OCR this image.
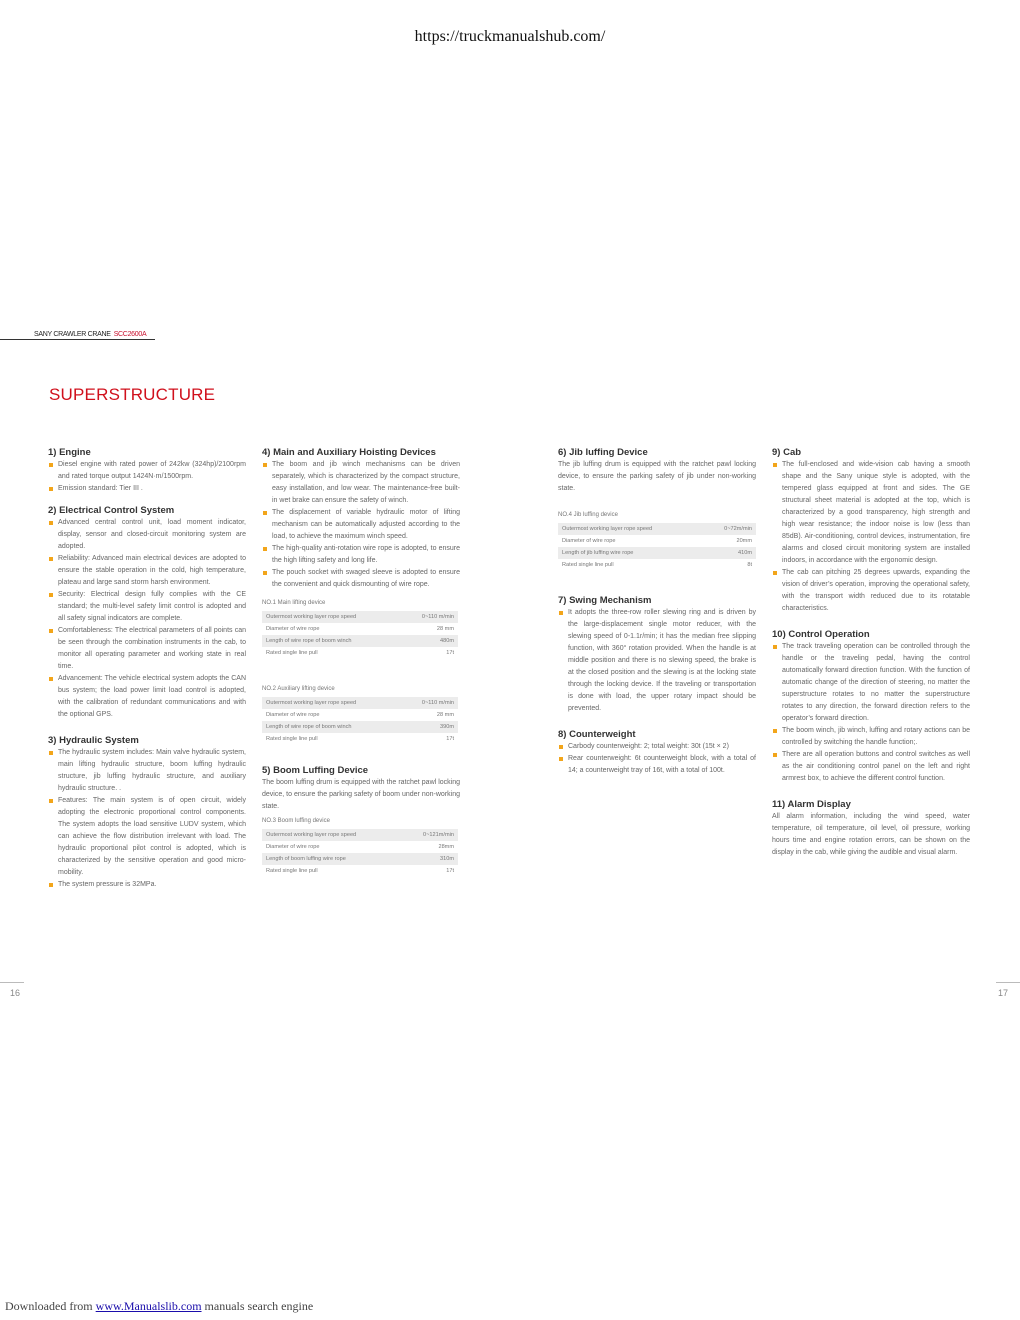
https://truckmanualshub.com/
SANY CRAWLER CRANE SCC2600A
SUPERSTRUCTURE
1) Engine
Diesel engine with rated power of 242kw (324hp)/2100rpm and rated torque output 1424N·m/1500rpm.
Emission standard: Tier III .
2) Electrical Control System
Advanced central control unit, load moment indicator, display, sensor and closed-circuit monitoring system are adopted.
Reliability: Advanced main electrical devices are adopted to ensure the stable operation in the cold, high temperature, plateau and large sand storm harsh environment.
Security: Electrical design fully complies with the CE standard; the multi-level safety limit control is adopted and all safety signal indicators are complete.
Comfortableness: The electrical parameters of all points can be seen through the combination instruments in the cab, to monitor all operating parameter and working state in real time.
Advancement: The vehicle electrical system adopts the CAN bus system; the load power limit load control is adopted, with the calibration of redundant communications and with the optional GPS.
3) Hydraulic System
The hydraulic system includes: Main valve hydraulic system, main lifting hydraulic structure, boom luffing hydraulic structure, jib luffing hydraulic structure, and auxiliary hydraulic structure. .
Features: The main system is of open circuit, widely adopting the electronic proportional control components. The system adopts the load sensitive LUDV system, which can achieve the flow distribution irrelevant with load. The hydraulic proportional pilot control is adopted, which is characterized by the sensitive operation and good micro-mobility.
The system pressure is 32MPa.
4) Main and Auxiliary Hoisting Devices
The boom and jib winch mechanisms can be driven separately, which is characterized by the compact structure, easy installation, and low wear. The maintenance-free built-in wet brake can ensure the safety of winch.
The displacement of variable hydraulic motor of lifting mechanism can be automatically adjusted according to the load, to achieve the maximum winch speed.
The high-quality anti-rotation wire rope is adopted, to ensure the high lifting safety and long life.
The pouch socket with swaged sleeve is adopted to ensure the convenient and quick dismounting of wire rope.
NO.1 Main lifting device
Outermost working layer rope speed	0~110 m/min
Diameter of wire rope	28 mm
Length of wire rope of boom winch	480m
Rated single line pull	17t
NO.2 Auxiliary lifting device
Outermost working layer rope speed	0~110 m/min
Diameter of wire rope	28 mm
Length of wire rope of boom winch	390m
Rated single line pull	17t
5) Boom Luffing Device

The boom luffing drum is equipped with the ratchet pawl locking device, to ensure the parking safety of boom under non-working state.

NO.3 Boom luffing device
Outermost working layer rope speed	0~121m/min
Diameter of wire rope	28mm
Length of boom luffing wire rope	310m
Rated single line pull	17t
6) Jib luffing Device

The jib luffing drum is equipped with the ratchet pawl locking device, to ensure the parking safety of jib under non-working state.

NO.4 Jib luffing device
Outermost working layer rope speed	0~72m/min
Diameter of wire rope	20mm
Length of jib luffing wire rope	410m
Rated single line pull	8t
7) Swing Mechanism
It adopts the three-row roller slewing ring and is driven by the large-displacement single motor reducer, with the slewing speed of 0-1.1r/min; it has the median free slipping function, with 360° rotation provided. When the handle is at middle position and there is no slewing speed, the brake is at the closed position and the slewing is at the locking state through the locking device. If the traveling or transportation is done with load, the upper rotary impact should be prevented.
8) Counterweight
Carbody counterweight: 2; total weight: 30t (15t × 2)
Rear counterweight: 6t counterweight block, with a total of 14; a counterweight tray of 16t, with a total of 100t.
9) Cab
The full-enclosed and wide-vision cab having a smooth shape and the Sany unique style is adopted, with the tempered glass equipped at front and sides. The GE structural sheet material is adopted at the top, which is characterized by a good transparency, high strength and high wear resistance; the indoor noise is low (less than 85dB). Air-conditioning, control devices, instrumentation, fire alarms and closed circuit monitoring system are installed indoors, in accordance with the ergonomic design.
The cab can pitching 25 degrees upwards, expanding the vision of driver’s operation, improving the operational safety, with the transport width reduced due to its rotatable characteristics.
10) Control Operation
The track traveling operation can be controlled through the handle or the traveling pedal, having the control automatically forward direction function. With the function of automatic change of the direction of steering, no matter the superstructure rotates to no matter the superstructure rotates to any direction, the forward direction refers to the operator’s forward direction.
The boom winch, jib winch, luffing and rotary actions can be controlled by switching the handle function;.
There are all operation buttons and control switches as well as the air conditioning control panel on the left and right armrest box, to achieve the different control function.
11) Alarm Display

All alarm information, including the wind speed, water temperature, oil temperature, oil level, oil pressure, working hours time and engine rotation errors, can be shown on the display in the cab, while giving the audible and visual alarm.

16	17
Downloaded from www.Manualslib.com manuals search engine
